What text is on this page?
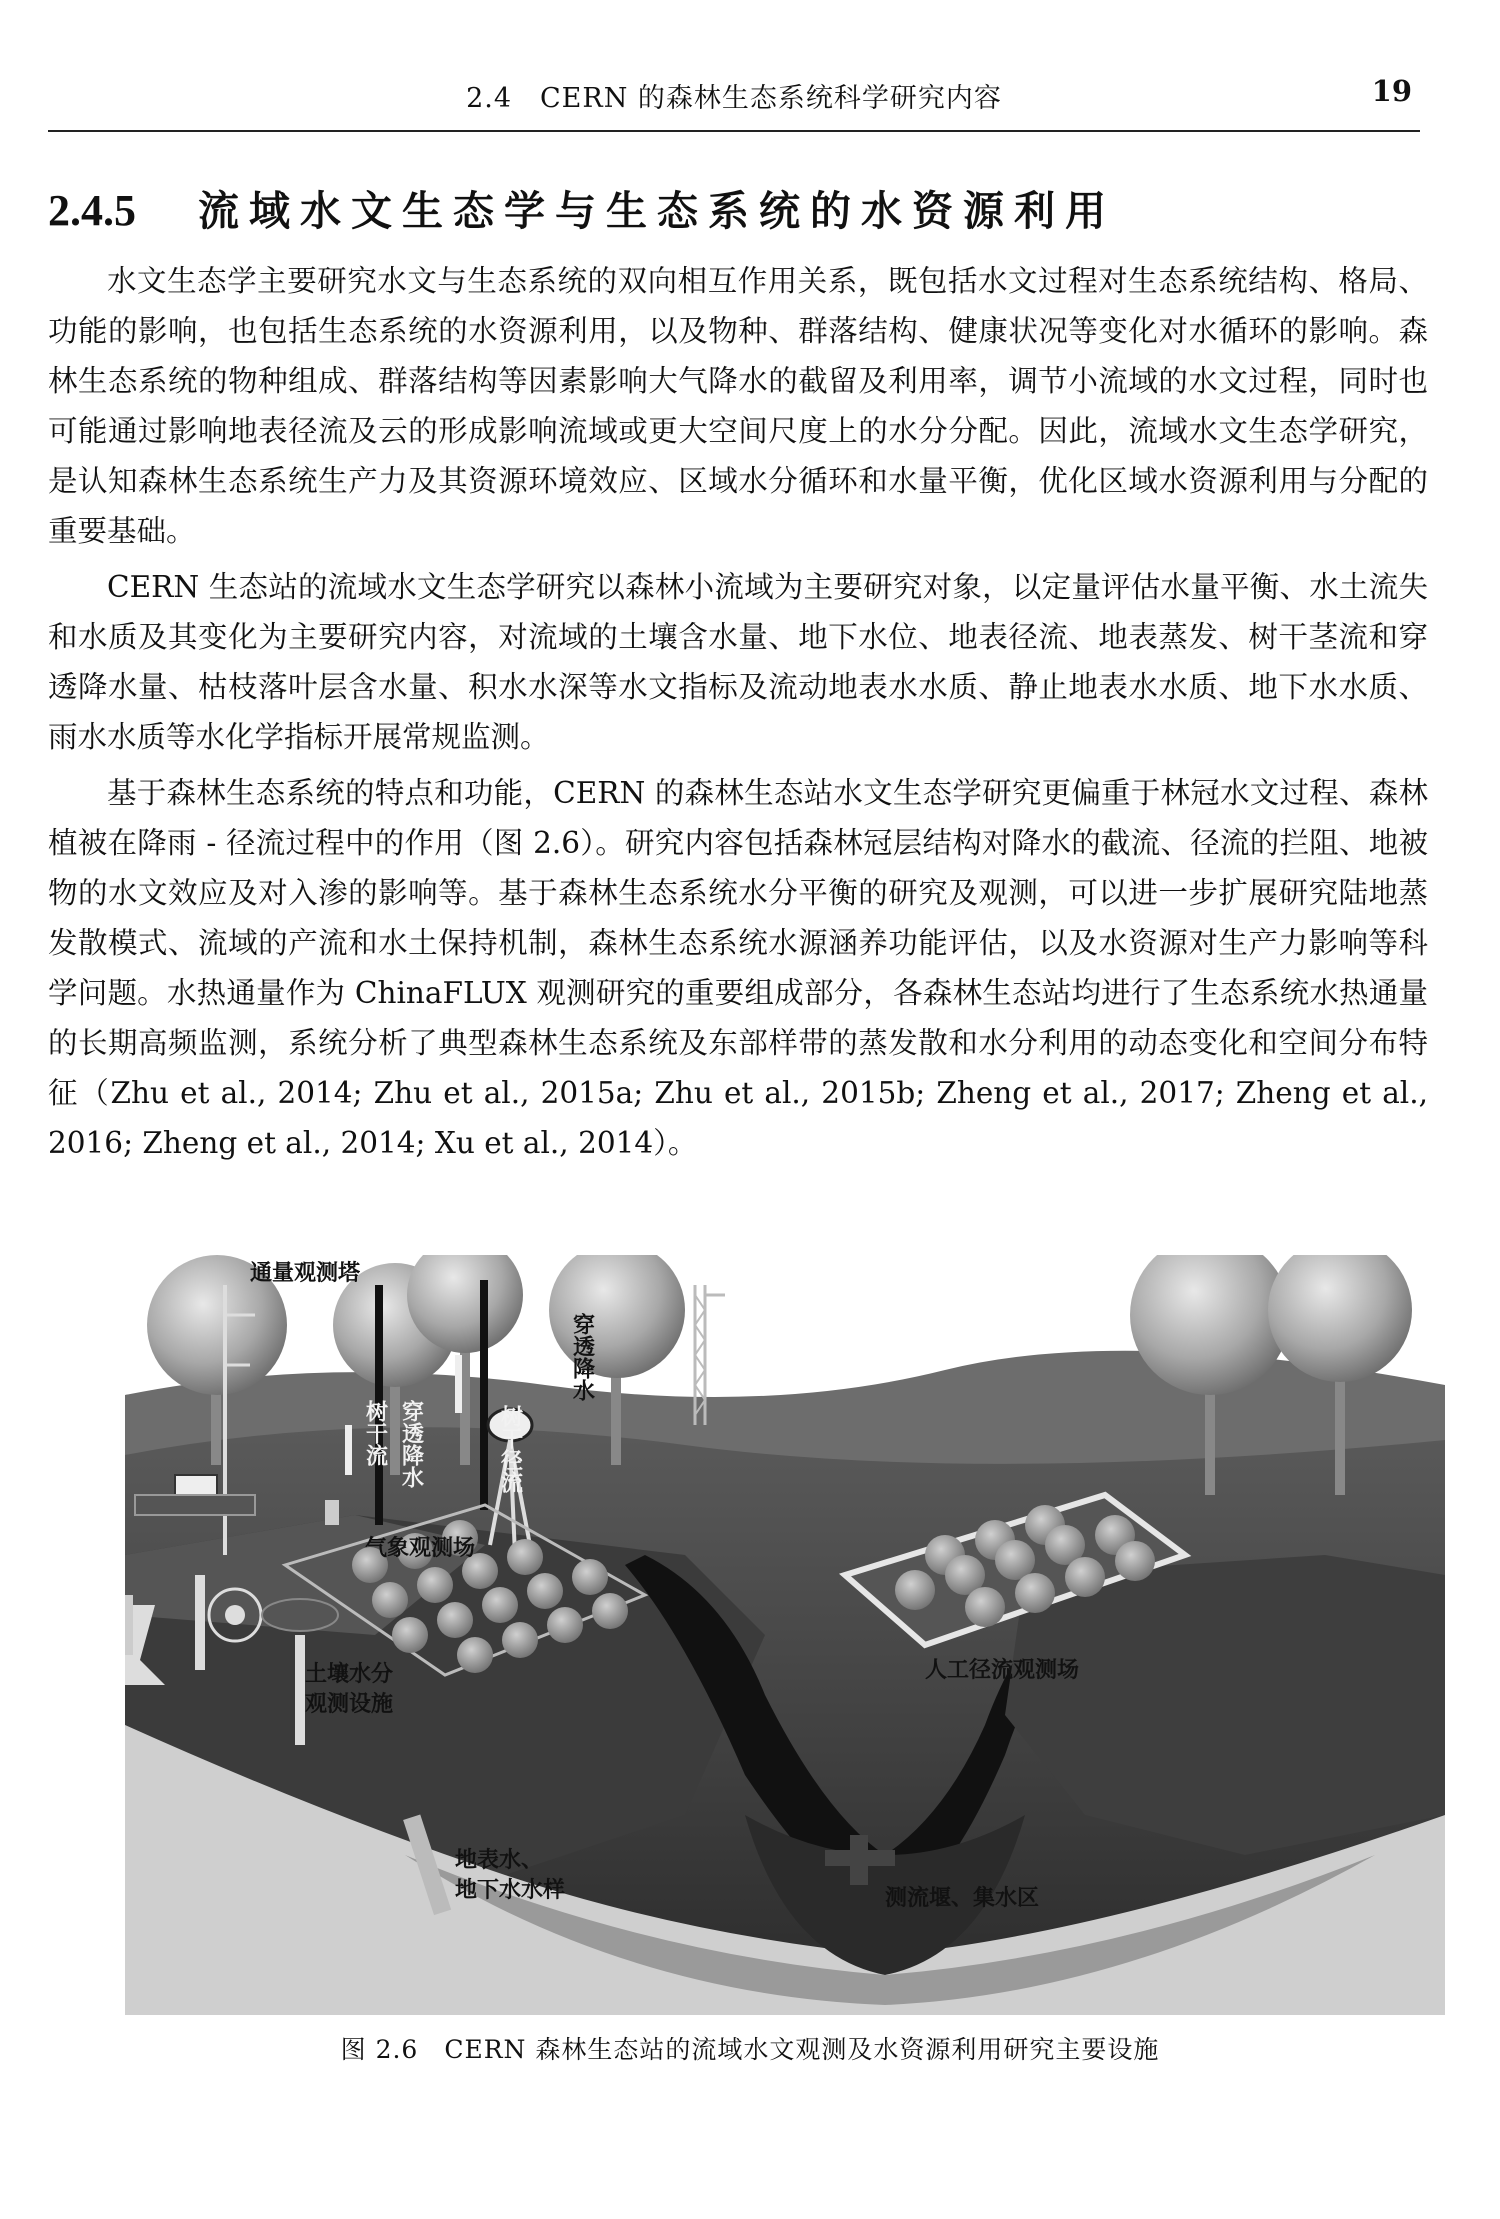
2.4　CERN 的森林生态系统科学研究内容	19
2.4.5 流域水文生态学与生态系统的水资源利用

水文生态学主要研究水文与生态系统的双向相互作用关系，既包括水文过程对生态系统结构、格局、功能的影响，也包括生态系统的水资源利用，以及物种、群落结构、健康状况等变化对水循环的影响。森林生态系统的物种组成、群落结构等因素影响大气降水的截留及利用率，调节小流域的水文过程，同时也可能通过影响地表径流及云的形成影响流域或更大空间尺度上的水分分配。因此，流域水文生态学研究，是认知森林生态系统生产力及其资源环境效应、区域水分循环和水量平衡，优化区域水资源利用与分配的重要基础。

CERN 生态站的流域水文生态学研究以森林小流域为主要研究对象，以定量评估水量平衡、水土流失和水质及其变化为主要研究内容，对流域的土壤含水量、地下水位、地表径流、地表蒸发、树干茎流和穿透降水量、枯枝落叶层含水量、积水水深等水文指标及流动地表水水质、静止地表水水质、地下水水质、雨水水质等水化学指标开展常规监测。

基于森林生态系统的特点和功能，CERN 的森林生态站水文生态学研究更偏重于林冠水文过程、森林植被在降雨 - 径流过程中的作用（图 2.6）。研究内容包括森林冠层结构对降水的截流、径流的拦阻、地被物的水文效应及对入渗的影响等。基于森林生态系统水分平衡的研究及观测，可以进一步扩展研究陆地蒸发散模式、流域的产流和水土保持机制，森林生态系统水源涵养功能评估，以及水资源对生产力影响等科学问题。水热通量作为 ChinaFLUX 观测研究的重要组成部分，各森林生态站均进行了生态系统水热通量的长期高频监测，系统分析了典型森林生态系统及东部样带的蒸发散和水分利用的动态变化和空间分布特征（Zhu et al., 2014; Zhu et al., 2015a; Zhu et al., 2015b; Zheng et al., 2017; Zheng et al., 2016; Zheng et al., 2014; Xu et al., 2014）。

通量观测塔
树干流 穿透降水	树干径流
穿透降水
气象观测场
土壤水分
观测设施
人工径流观测场
地表水、
地下水水样	测流堰、集水区
图 2.6　CERN 森林生态站的流域水文观测及水资源利用研究主要设施
